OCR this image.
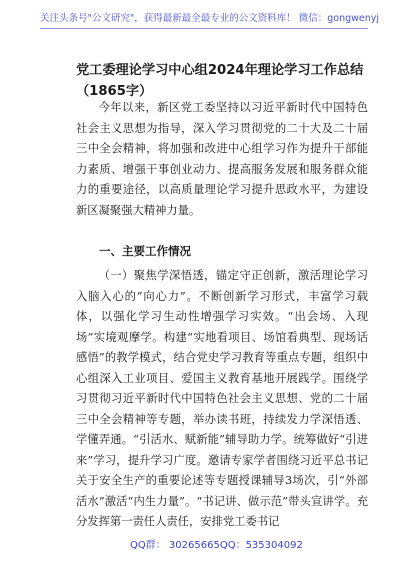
关注头条号"公文研究"，获得最新最全最专业的公文资料库！ 微信：gongwenyj
党工委理论学习中心组2024年理论学习工作总结（1865字）

今年以来，新区党工委坚持以习近平新时代中国特色社会主义思想为指导，深入学习贯彻党的二十大及二十届三中全会精神，将加强和改进中心组学习作为提升干部能力素质、增强干事创业动力、提高服务发展和服务群众能力的重要途径，以高质量理论学习提升思政水平，为建设新区凝聚强大精神力量。

一、主要工作情况

（一）聚焦学深悟透，锚定守正创新，激活理论学习入脑入心的“向心力”。不断创新学习形式，丰富学习载体，以强化学习生动性增强学习实效。“出会场、入现场”实境观摩学。构建“实地看项目、场馆看典型、现场话感悟”的教学模式，结合党史学习教育等重点专题，组织中心组深入工业项目、爱国主义教育基地开展践学。围绕学习贯彻习近平新时代中国特色社会主义思想、党的二十届三中全会精神等专题，举办读书班，持续发力学深悟透、学懂弄通。“引活水、赋新能”辅导助力学。统筹做好“引进来”学习，提升学习广度。邀请专家学者围绕习近平总书记关于安全生产的重要论述等专题授课辅导3场次，引“外部活水”激活“内生力量”。“书记讲、做示范”带头宣讲学。充分发挥第一责任人责任，安排党工委书记

QQ群： 30265665 QQ：535304092
